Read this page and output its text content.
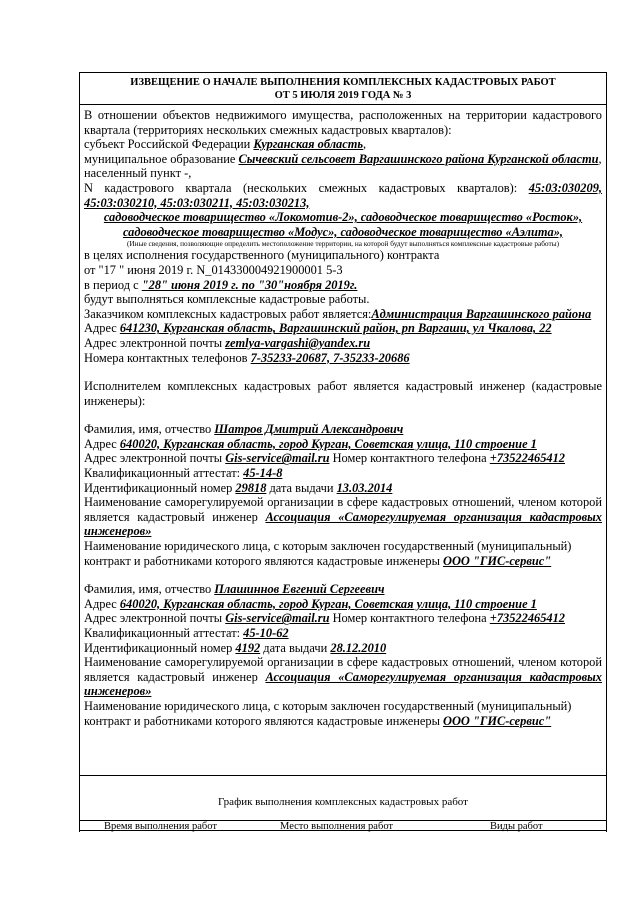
ИЗВЕЩЕНИЕ О НАЧАЛЕ ВЫПОЛНЕНИЯ КОМПЛЕКСНЫХ КАДАСТРОВЫХ РАБОТ
ОТ 5 ИЮЛЯ 2019 ГОДА № 3

В отношении объектов недвижимого имущества, расположенных на территории кадастрового квартала (территориях нескольких смежных кадастровых кварталов):

субъект Российской Федерации Курганская область,

муниципальное образование Сычевский сельсовет Варгашинского района Курганской области,

населенный пункт -,

N кадастрового квартала (нескольких смежных кадастровых кварталов): 45:03:030209, 45:03:030210, 45:03:030211, 45:03:030213,

садоводческое товарищество «Локомотив-2», садоводческое товарищество «Росток», садоводческое товарищество «Модус», садоводческое товарищество «Аэлита»,

(Иные сведения, позволяющие определить местоположение территории, на которой будут выполняться комплексные кадастровые работы)

в целях исполнения государственного (муниципального) контракта

от "17 " июня 2019 г. N_014330004921900001 5-3

в период с "28" июня 2019 г. по "30"ноября 2019г.

будут выполняться комплексные кадастровые работы.

Заказчиком комплексных кадастровых работ является:Администрация Варгашинского района

Адрес 641230, Курганская область, Варгашинский район, рп Варгаши, ул Чкалова, 22

Адрес электронной почты zemlya-vargashi@yandex.ru

Номера контактных телефонов 7-35233-20687, 7-35233-20686

Исполнителем комплексных кадастровых работ является кадастровый инженер (кадастровые инженеры):

Фамилия, имя, отчество Шатров Дмитрий Александрович

Адрес 640020, Курганская область, город Курган, Советская улица, 110 строение 1

Адрес электронной почты Gis-service@mail.ru Номер контактного телефона +73522465412

Квалификационный аттестат: 45-14-8

Идентификационный номер 29818 дата выдачи 13.03.2014

Наименование саморегулируемой организации в сфере кадастровых отношений, членом которой является кадастровый инженер Ассоциация «Саморегулируемая организация кадастровых инженеров»

Наименование юридического лица, с которым заключен государственный (муниципальный) контракт и работниками которого являются кадастровые инженеры ООО "ГИС-сервис"

Фамилия, имя, отчество Плашиннов Евгений Сергеевич

Адрес 640020, Курганская область, город Курган, Советская улица, 110 строение 1

Адрес электронной почты Gis-service@mail.ru Номер контактного телефона +73522465412

Квалификационный аттестат: 45-10-62

Идентификационный номер 4192 дата выдачи 28.12.2010

Наименование саморегулируемой организации в сфере кадастровых отношений, членом которой является кадастровый инженер Ассоциация «Саморегулируемая организация кадастровых инженеров»

Наименование юридического лица, с которым заключен государственный (муниципальный) контракт и работниками которого являются кадастровые инженеры ООО "ГИС-сервис"

График выполнения комплексных кадастровых работ
Время выполнения работ	Место выполнения работ	Виды работ
